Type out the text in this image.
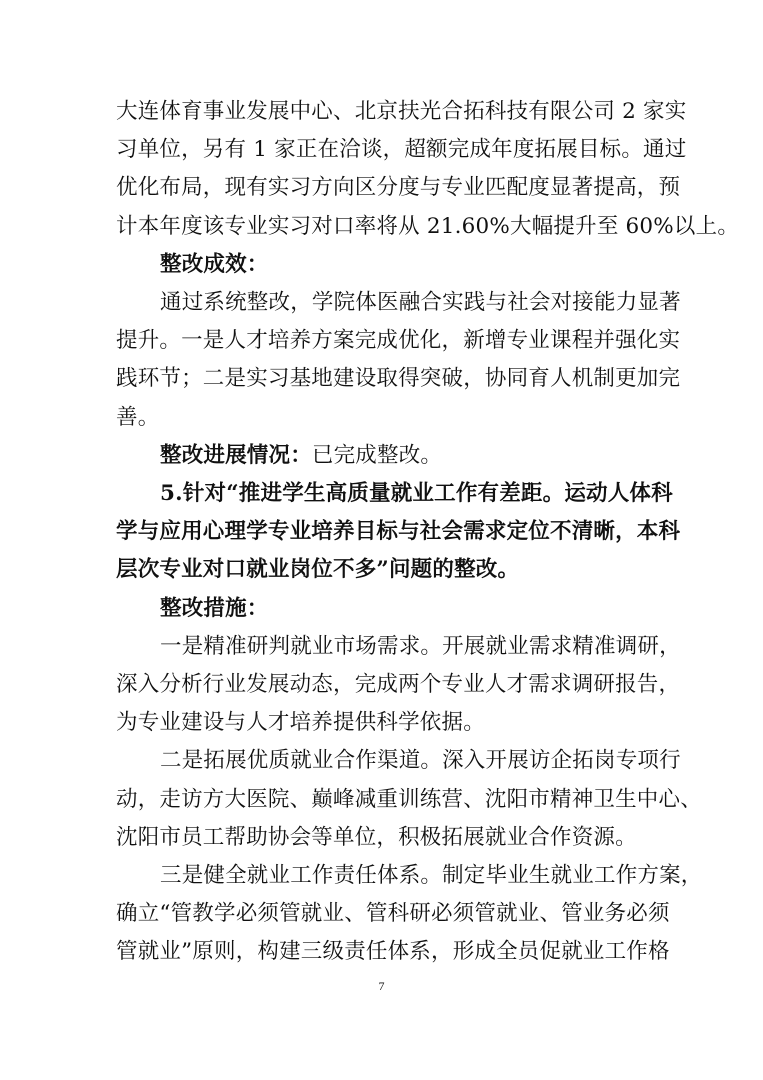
大连体育事业发展中心、北京扶光合拓科技有限公司 2 家实
习单位，另有 1 家正在洽谈，超额完成年度拓展目标。通过
优化布局，现有实习方向区分度与专业匹配度显著提高，预
计本年度该专业实习对口率将从 21.60%大幅提升至 60%以上。
整改成效：
通过系统整改，学院体医融合实践与社会对接能力显著
提升。一是人才培养方案完成优化，新增专业课程并强化实
践环节；二是实习基地建设取得突破，协同育人机制更加完
善。
整改进展情况：已完成整改。
5.针对“推进学生高质量就业工作有差距。运动人体科
学与应用心理学专业培养目标与社会需求定位不清晰，本科
层次专业对口就业岗位不多”问题的整改。
整改措施：
一是精准研判就业市场需求。开展就业需求精准调研，
深入分析行业发展动态，完成两个专业人才需求调研报告，
为专业建设与人才培养提供科学依据。
二是拓展优质就业合作渠道。深入开展访企拓岗专项行
动，走访方大医院、巅峰减重训练营、沈阳市精神卫生中心、
沈阳市员工帮助协会等单位，积极拓展就业合作资源。
三是健全就业工作责任体系。制定毕业生就业工作方案，
确立“管教学必须管就业、管科研必须管就业、管业务必须
管就业”原则，构建三级责任体系，形成全员促就业工作格
7
